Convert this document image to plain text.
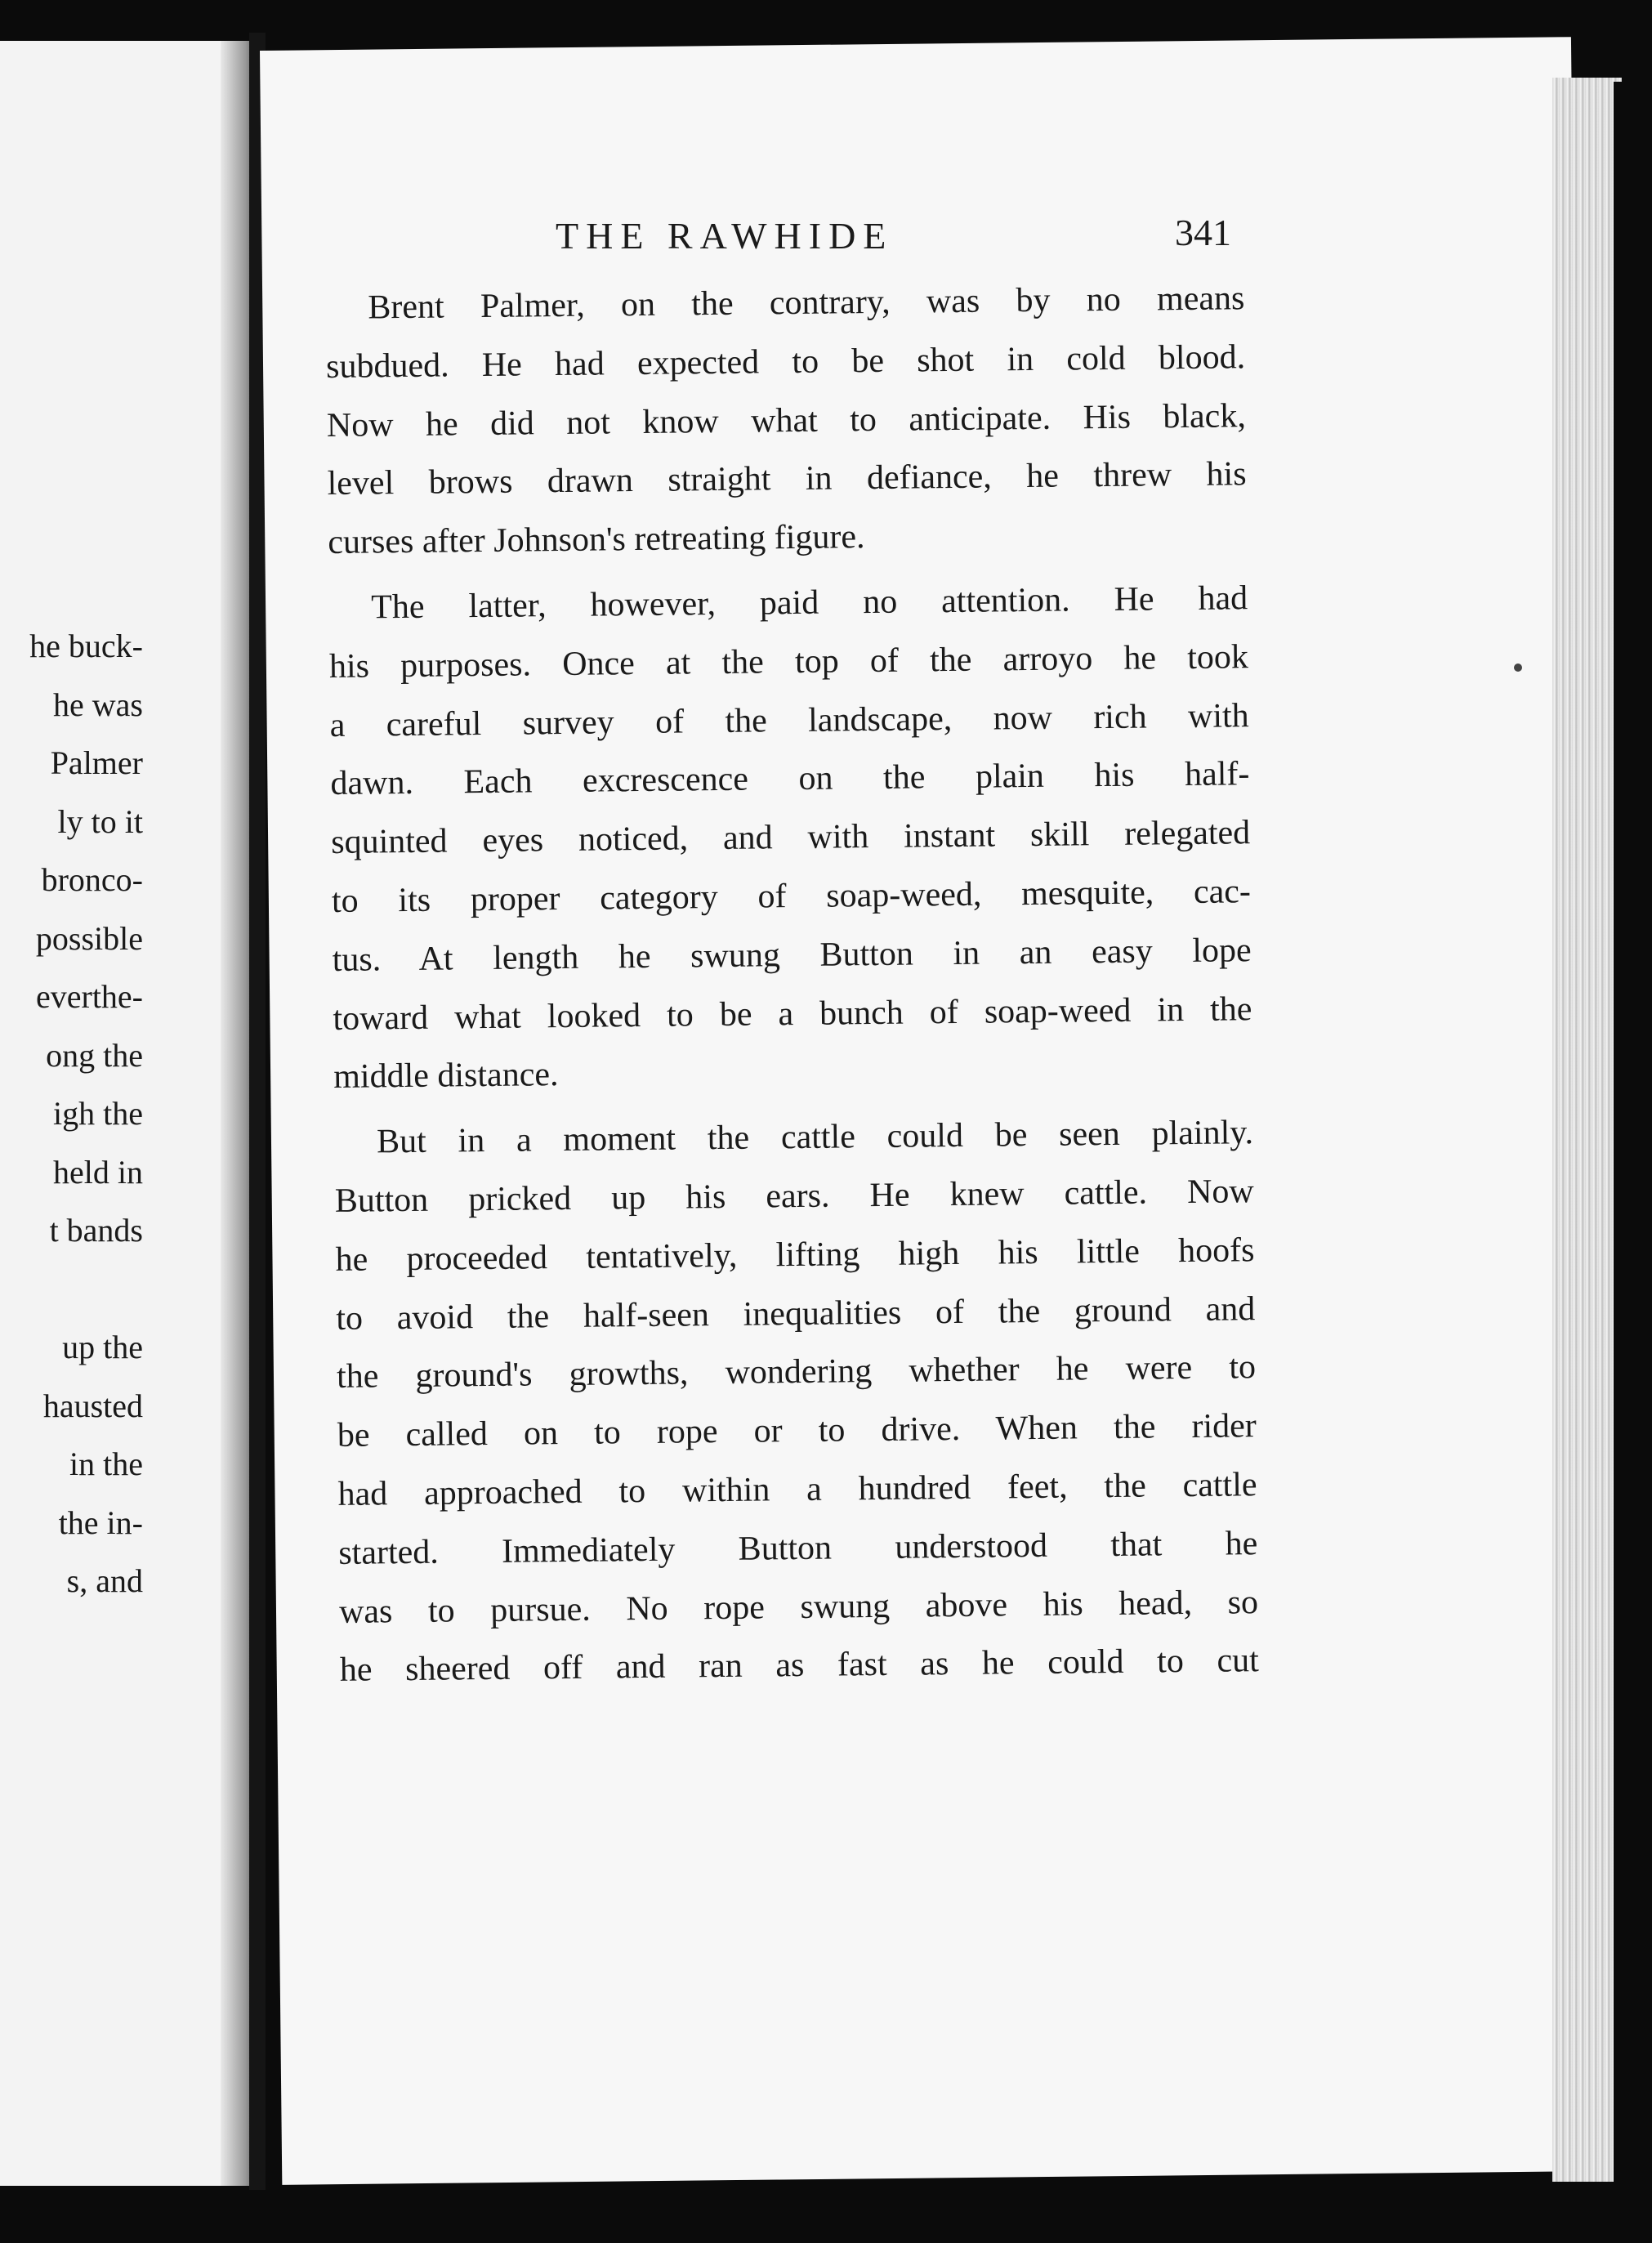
he buck-
he was
Palmer
ly to it
bronco-
possible
everthe-
ong the
igh the
held in
t bands
up the
hausted
in the
the in-
s, and
THE RAWHIDE	341
Brent Palmer, on the contrary, was by no means
subdued. He had expected to be shot in cold blood.
Now he did not know what to anticipate. His black,
level brows drawn straight in defiance, he threw his
curses after Johnson's retreating figure.
The latter, however, paid no attention. He had
his purposes. Once at the top of the arroyo he took
a careful survey of the landscape, now rich with
dawn. Each excrescence on the plain his half-
squinted eyes noticed, and with instant skill relegated
to its proper category of soap-weed, mesquite, cac-
tus. At length he swung Button in an easy lope
toward what looked to be a bunch of soap-weed in the
middle distance.
But in a moment the cattle could be seen plainly.
Button pricked up his ears. He knew cattle. Now
he proceeded tentatively, lifting high his little hoofs
to avoid the half-seen inequalities of the ground and
the ground's growths, wondering whether he were to
be called on to rope or to drive. When the rider
had approached to within a hundred feet, the cattle
started. Immediately Button understood that he
was to pursue. No rope swung above his head, so
he sheered off and ran as fast as he could to cut
